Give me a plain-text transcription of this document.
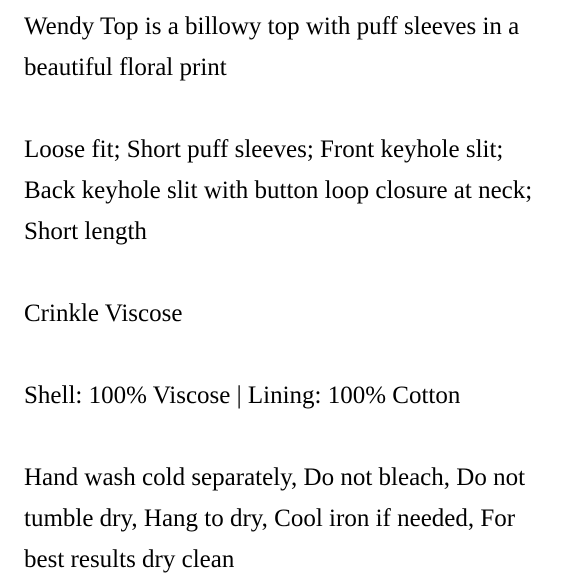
Wendy Top is a billowy top with puff sleeves in a
beautiful floral print

Loose fit; Short puff sleeves; Front keyhole slit;
Back keyhole slit with button loop closure at neck;
Short length

Crinkle Viscose

Shell: 100% Viscose | Lining: 100% Cotton

Hand wash cold separately, Do not bleach, Do not
tumble dry, Hang to dry, Cool iron if needed, For
best results dry clean
